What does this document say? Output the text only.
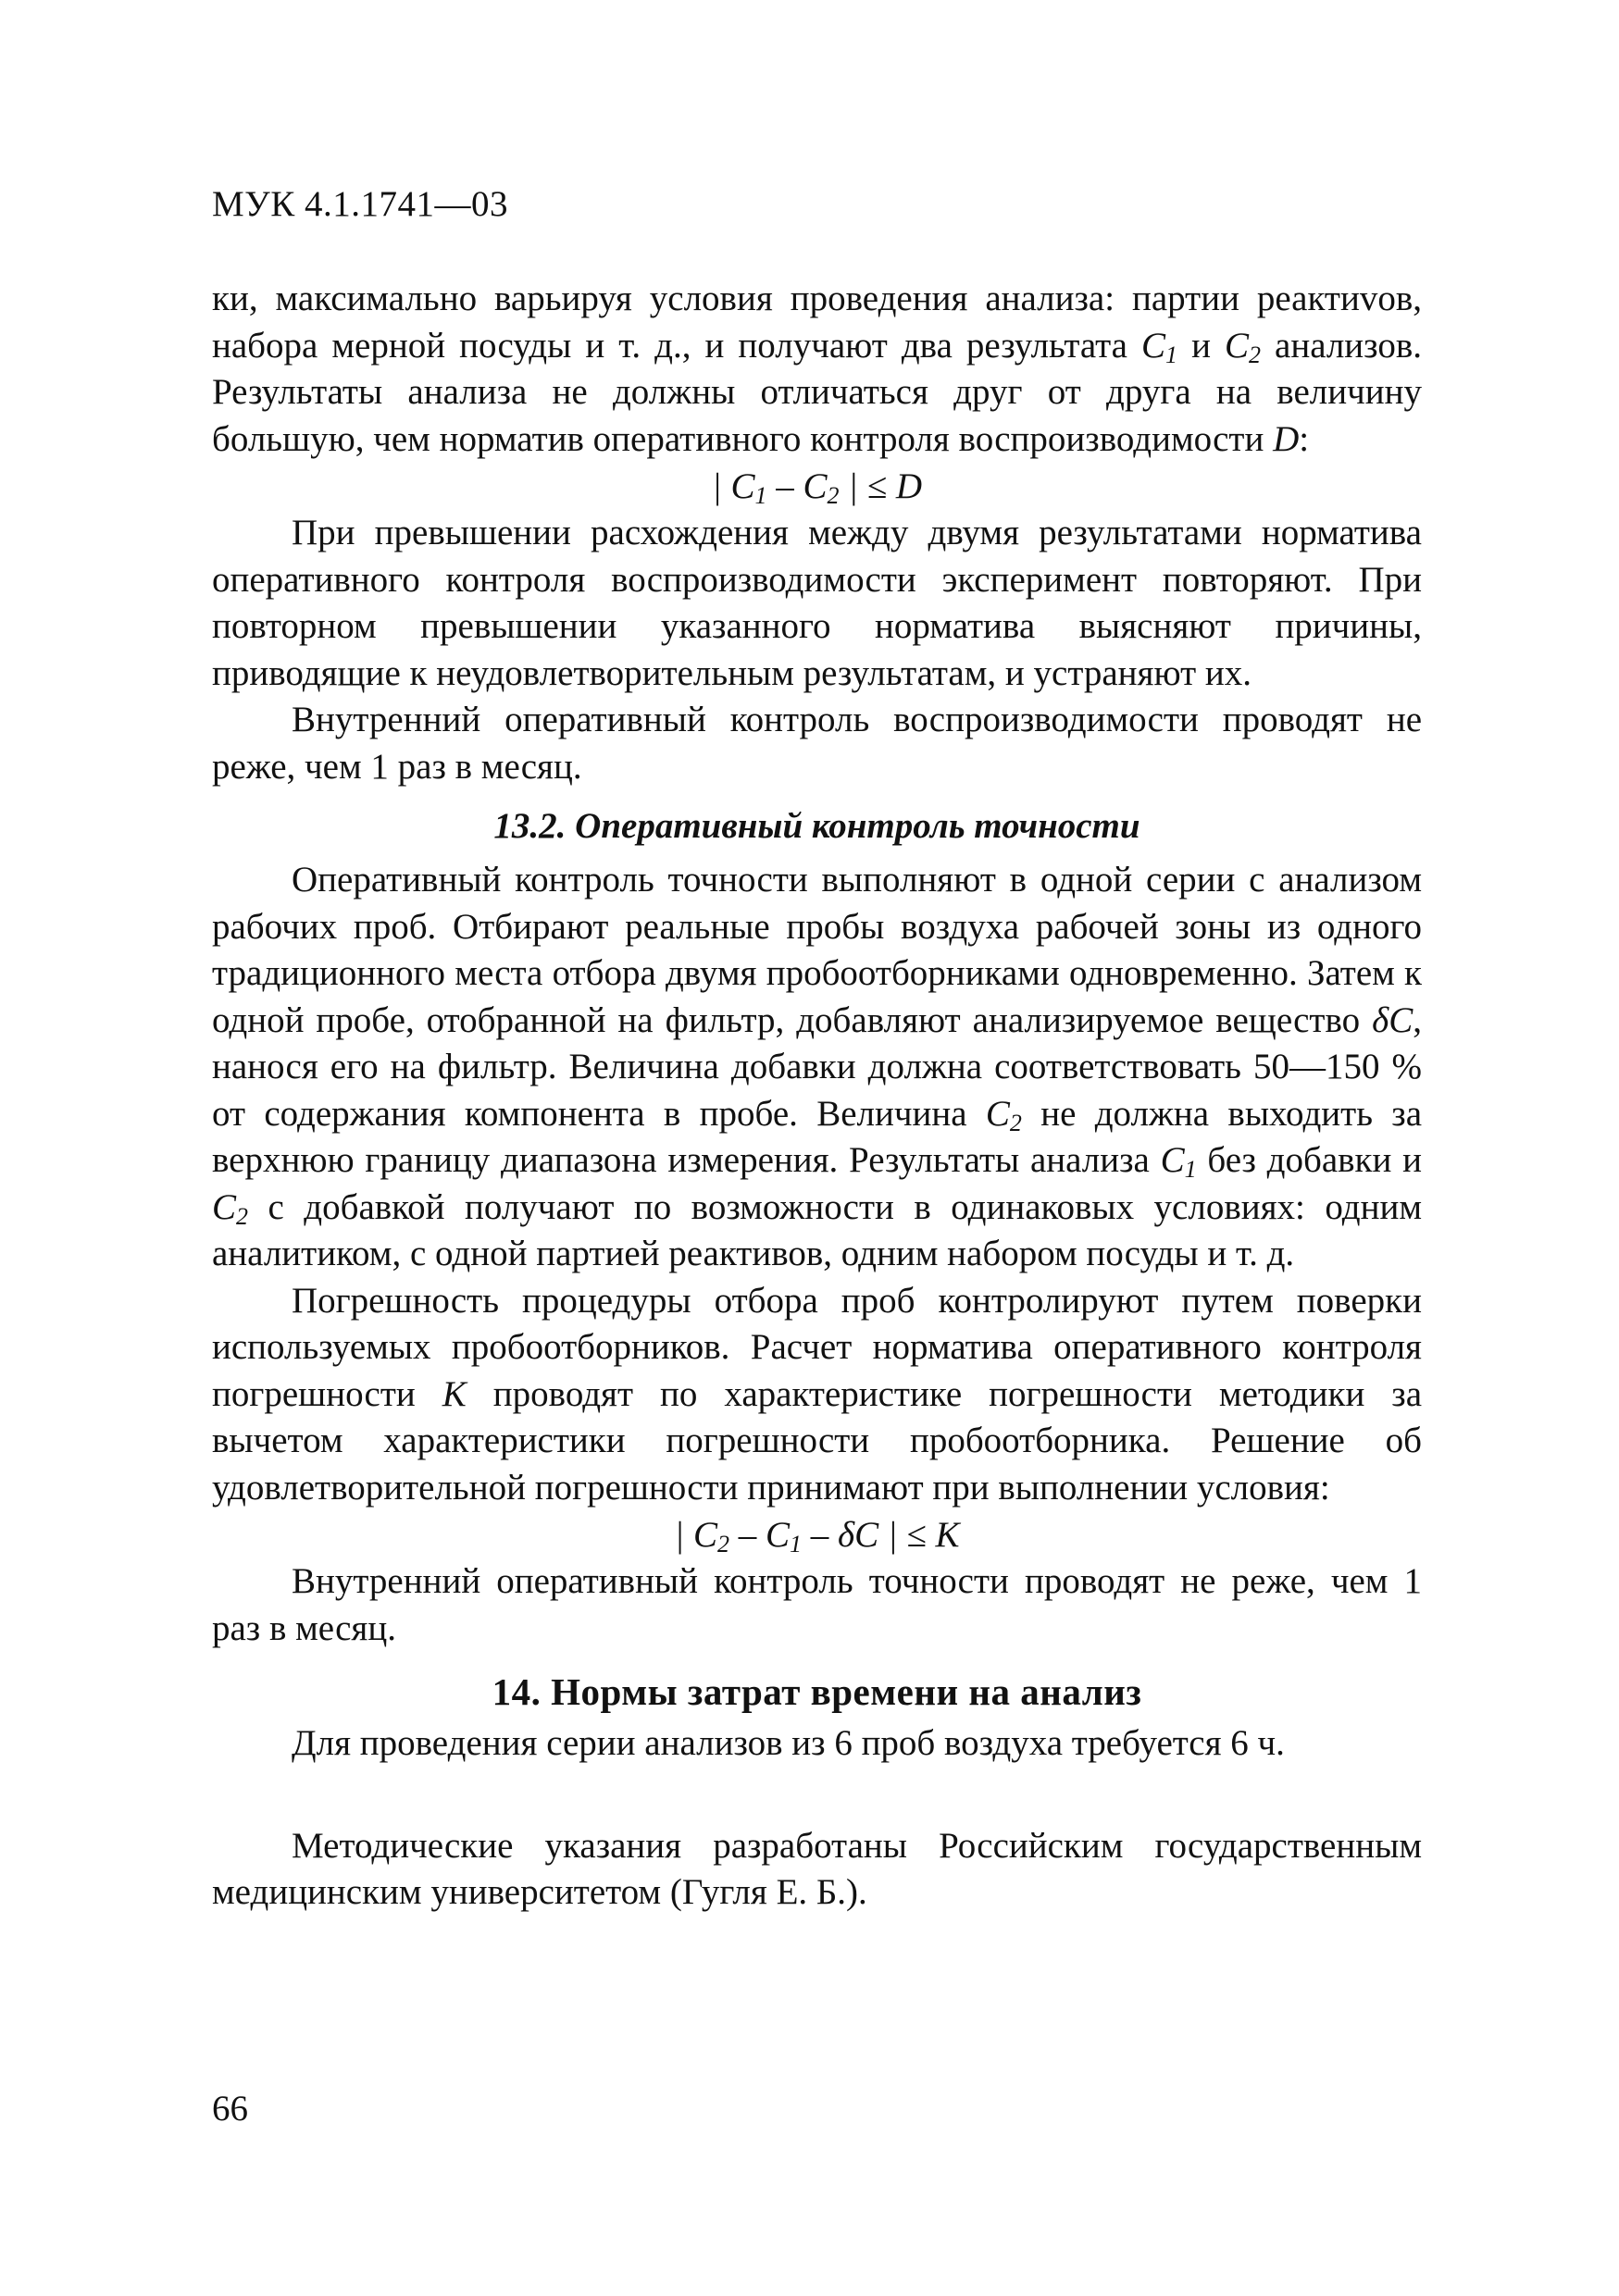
МУК 4.1.1741—03

ки, максимально варьируя условия проведения анализа: партии реактиvов, набора мерной посуды и т. д., и получают два результата $C_1$ и $C_2$ анализов. Результаты анализа не должны отличаться друг от друга на величину большую, чем норматив оперативного контроля воспроизводимости D:

| $C_1 - C_2$ | ≤ D

При превышении расхождения между двумя результатами норматива оперативного контроля воспроизводимости эксперимент повторяют. При повторном превышении указанного норматива выясняют причины, приводящие к неудовлетворительным результатам, и устраняют их.

Внутренний оперативный контроль воспроизводимости проводят не реже, чем 1 раз в месяц.

13.2. Оперативный контроль точности

Оперативный контроль точности выполняют в одной серии с анализом рабочих проб. Отбирают реальные пробы воздуха рабочей зоны из одного традиционного места отбора двумя пробоотборниками одновременно. Затем к одной пробе, отобранной на фильтр, добавляют анализируемое вещество δC, нанося его на фильтр. Величина добавки должна соответствовать 50—150 % от содержания компонента в пробе. Величина $C_2$ не должна выходить за верхнюю границу диапазона измерения. Результаты анализа $C_1$ без добавки и $C_2$ с добавкой получают по возможности в одинаковых условиях: одним аналитиком, с одной партией реактивов, одним набором посуды и т. д.

Погрешность процедуры отбора проб контролируют путем поверки используемых пробоотборников. Расчет норматива оперативного контроля погрешности K проводят по характеристике погрешности методики за вычетом характеристики погрешности пробоотборника. Решение об удовлетворительной погрешности принимают при выполнении условия:

| $C_2 - C_1$ – δC | ≤ K

Внутренний оперативный контроль точности проводят не реже, чем 1 раз в месяц.

14. Нормы затрат времени на анализ

Для проведения серии анализов из 6 проб воздуха требуется 6 ч.

Методические указания разработаны Российским государственным медицинским университетом (Гугля Е. Б.).

66
